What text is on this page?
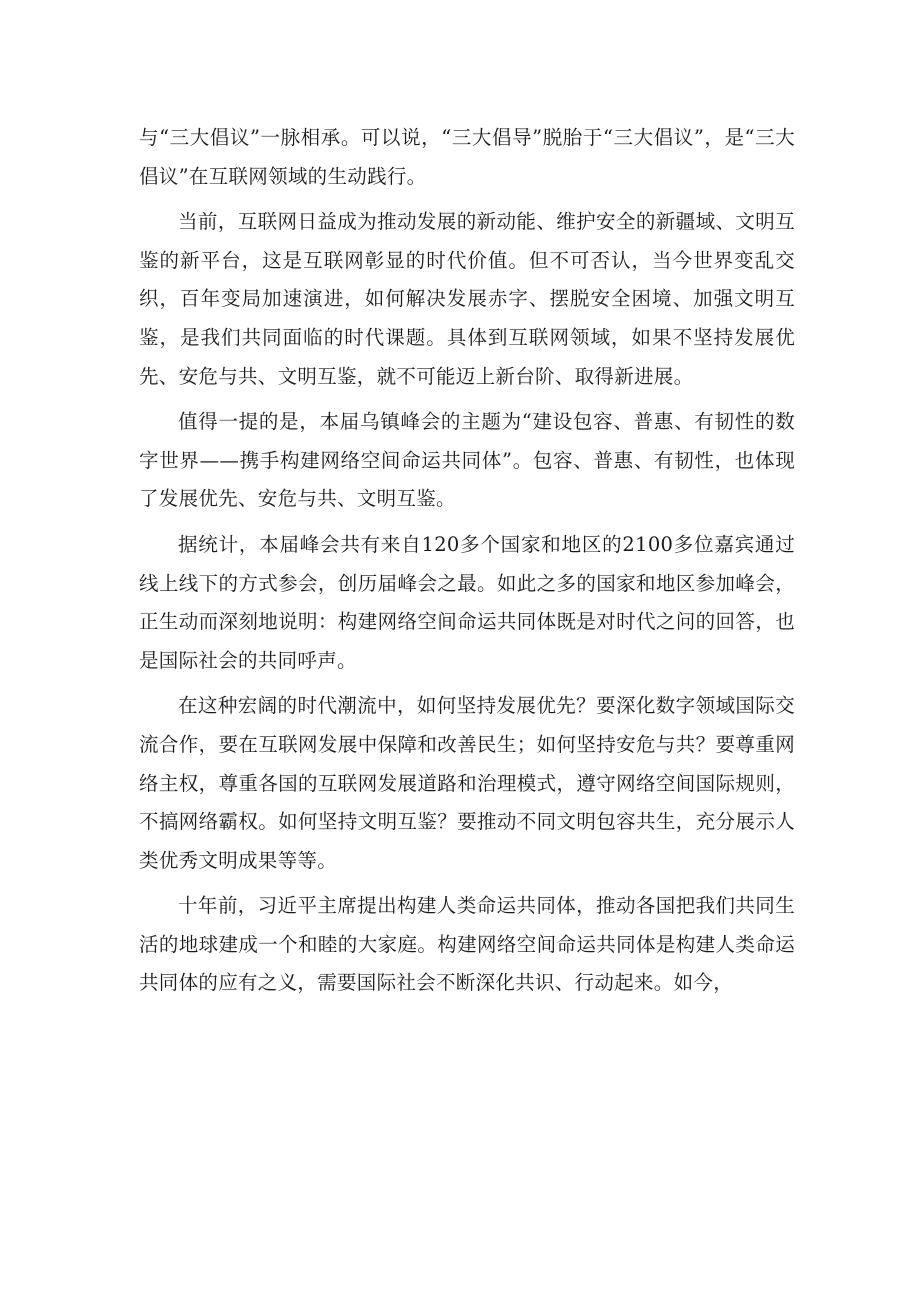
与“三大倡议”一脉相承。可以说，“三大倡导”脱胎于“三大倡议”，是“三大倡议”在互联网领域的生动践行。

当前，互联网日益成为推动发展的新动能、维护安全的新疆域、文明互鉴的新平台，这是互联网彰显的时代价值。但不可否认，当今世界变乱交织，百年变局加速演进，如何解决发展赤字、摆脱安全困境、加强文明互鉴，是我们共同面临的时代课题。具体到互联网领域，如果不坚持发展优先、安危与共、文明互鉴，就不可能迈上新台阶、取得新进展。

值得一提的是，本届乌镇峰会的主题为“建设包容、普惠、有韧性的数字世界——携手构建网络空间命运共同体”。包容、普惠、有韧性，也体现了发展优先、安危与共、文明互鉴。

据统计，本届峰会共有来自120多个国家和地区的2100多位嘉宾通过线上线下的方式参会，创历届峰会之最。如此之多的国家和地区参加峰会，正生动而深刻地说明：构建网络空间命运共同体既是对时代之问的回答，也是国际社会的共同呼声。

在这种宏阔的时代潮流中，如何坚持发展优先？要深化数字领域国际交流合作，要在互联网发展中保障和改善民生；如何坚持安危与共？要尊重网络主权，尊重各国的互联网发展道路和治理模式，遵守网络空间国际规则，不搞网络霸权。如何坚持文明互鉴？要推动不同文明包容共生，充分展示人类优秀文明成果等等。

十年前，习近平主席提出构建人类命运共同体，推动各国把我们共同生活的地球建成一个和睦的大家庭。构建网络空间命运共同体是构建人类命运共同体的应有之义，需要国际社会不断深化共识、行动起来。如今，
